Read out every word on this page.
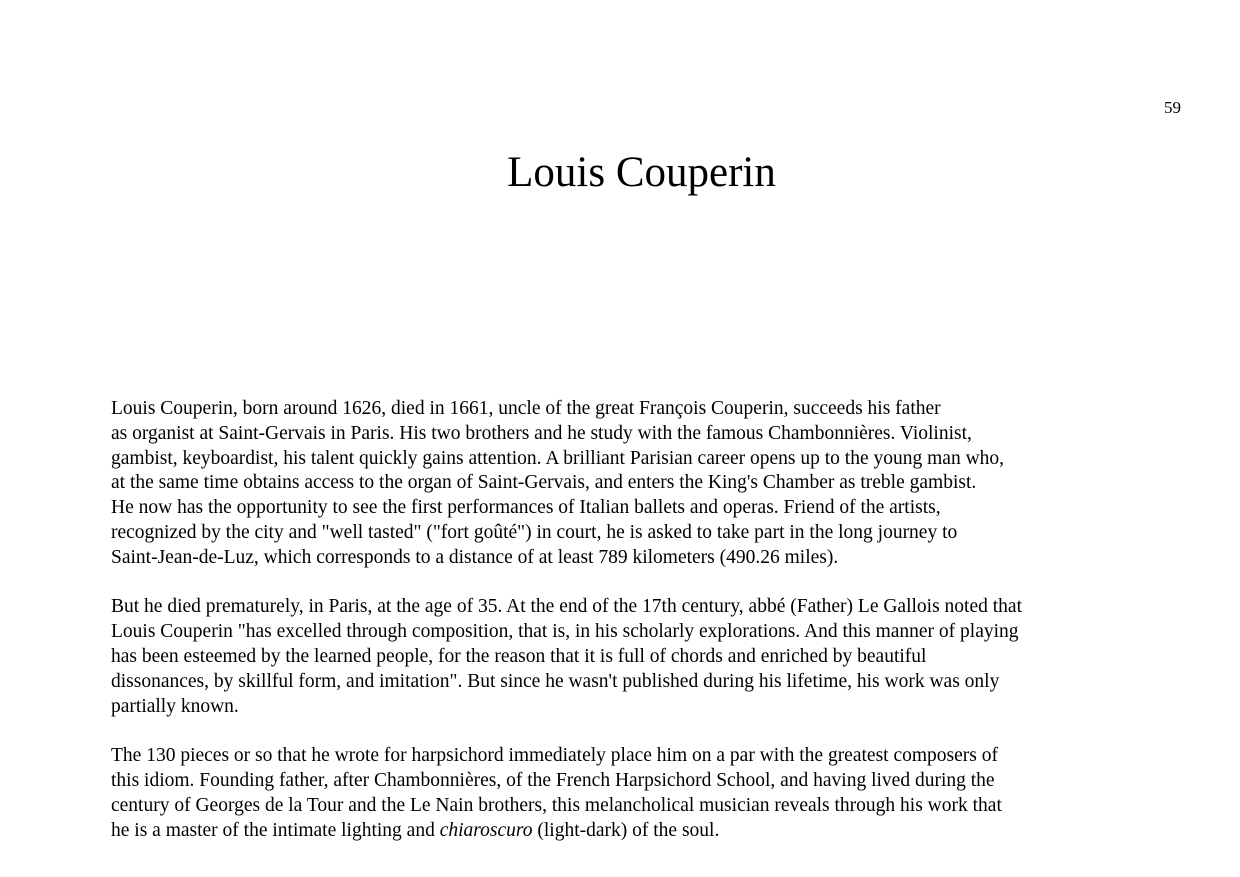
59
Louis Couperin

Louis Couperin, born around 1626, died in 1661, uncle of the great François Couperin, succeeds his father
as organist at Saint-Gervais in Paris. His two brothers and he study with the famous Chambonnières. Violinist,
gambist, keyboardist, his talent quickly gains attention. A brilliant Parisian career opens up to the young man who,
at the same time obtains access to the organ of Saint-Gervais, and enters the King's Chamber as treble gambist.
He now has the opportunity to see the first performances of Italian ballets and operas. Friend of the artists,
recognized by the city and "well tasted" ("fort goûté") in court, he is asked to take part in the long journey to
Saint-Jean-de-Luz, which corresponds to a distance of at least 789 kilometers (490.26 miles).

But he died prematurely, in Paris, at the age of 35. At the end of the 17th century, abbé (Father) Le Gallois noted that
Louis Couperin "has excelled through composition, that is, in his scholarly explorations. And this manner of playing
has been esteemed by the learned people, for the reason that it is full of chords and enriched by beautiful
dissonances, by skillful form, and imitation". But since he wasn't published during his lifetime, his work was only
partially known.

The 130 pieces or so that he wrote for harpsichord immediately place him on a par with the greatest composers of
this idiom. Founding father, after Chambonnières, of the French Harpsichord School, and having lived during the
century of Georges de la Tour and the Le Nain brothers, this melancholical musician reveals through his work that
he is a master of the intimate lighting and chiaroscuro (light-dark) of the soul.
